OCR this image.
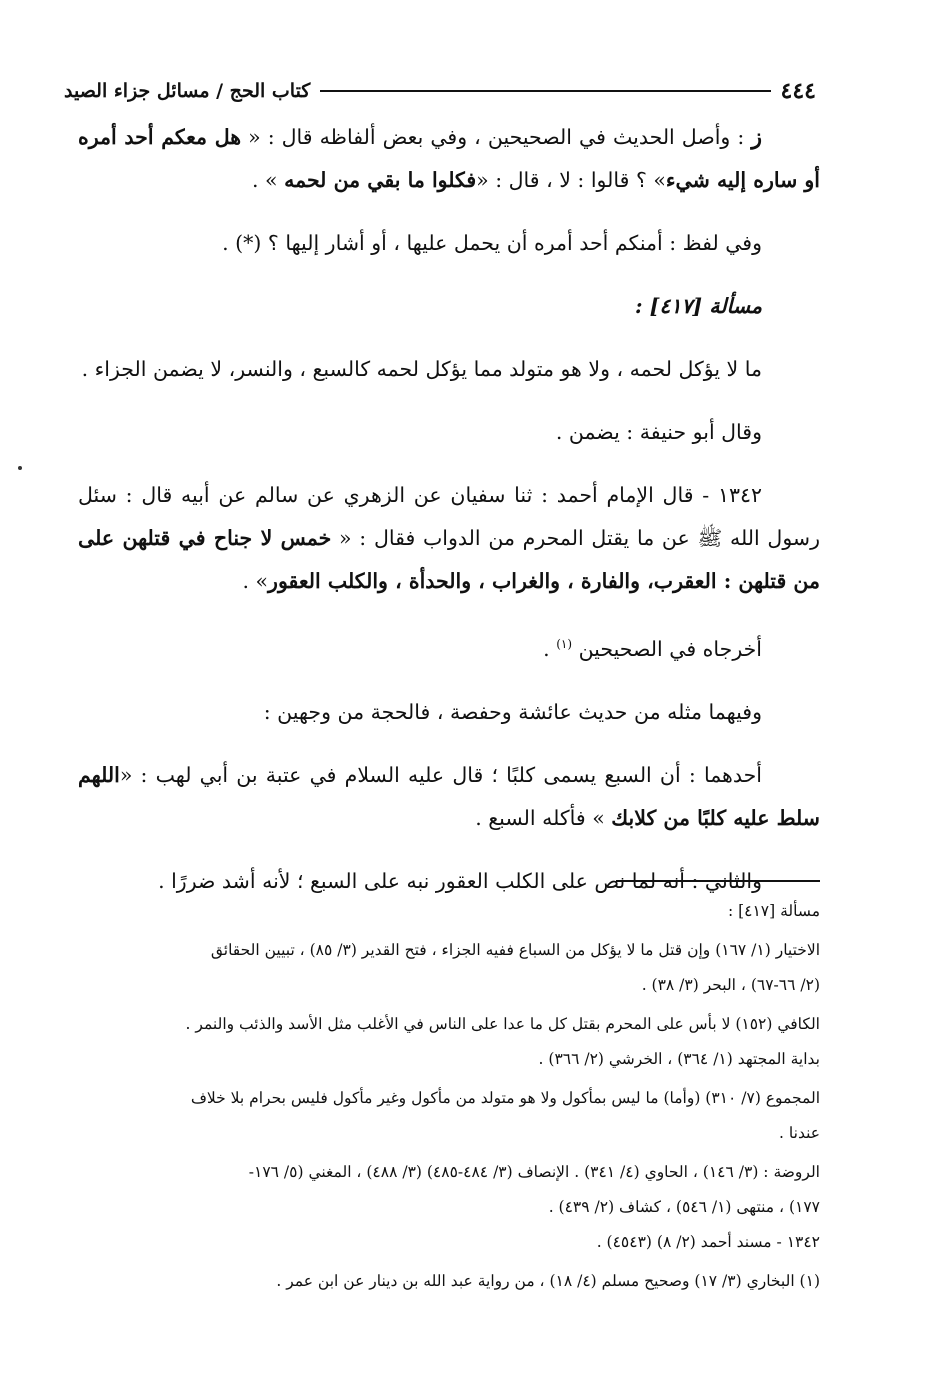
٤٤٤
كتاب الحج / مسائل جزاء الصيد

ز : وأصل الحديث في الصحيحين ، وفي بعض ألفاظه قال : « هل معكم أحد أمره أو ساره إليه شيء» ؟ قالوا : لا ، قال : «فكلوا ما بقي من لحمه » .

وفي لفظ : أمنكم أحد أمره أن يحمل عليها ، أو أشار إليها ؟ (*) .

مسألة [٤١٧] :

ما لا يؤكل لحمه ، ولا هو متولد مما يؤكل لحمه كالسبع ، والنسر، لا يضمن الجزاء .

وقال أبو حنيفة : يضمن .

١٣٤٢ - قال الإمام أحمد : ثنا سفيان عن الزهري عن سالم عن أبيه قال : سئل رسول الله ﷺ عن ما يقتل المحرم من الدواب فقال : « خمس لا جناح في قتلهن على من قتلهن : العقرب، والفارة ، والغراب ، والحدأة ، والكلب العقور» .

أخرجاه في الصحيحين $^{(١)}$ .

وفيهما مثله من حديث عائشة وحفصة ، فالحجة من وجهين :

أحدهما : أن السبع يسمى كلبًا ؛ قال عليه السلام في عتبة بن أبي لهب : «اللهم سلط عليه كلبًا من كلابك » فأكله السبع .

والثاني : أنه لما نص على الكلب العقور نبه على السبع ؛ لأنه أشد ضررًا .

مسألة [٤١٧] :

الاختيار (١/ ١٦٧) وإن قتل ما لا يؤكل من السباع ففيه الجزاء ، فتح القدير (٣/ ٨٥) ، تبيين الحقائق

(٢/ ٦٦-٦٧) ، البحر (٣/ ٣٨) .

الكافي (١٥٢) لا بأس على المحرم بقتل كل ما عدا على الناس في الأغلب مثل الأسد والذئب والنمر .

بداية المجتهد (١/ ٣٦٤) ، الخرشي (٢/ ٣٦٦) .

المجموع (٧/ ٣١٠) (وأما) ما ليس بمأكول ولا هو متولد من مأكول وغير مأكول فليس بحرام بلا خلاف

عندنا .

الروضة : (٣/ ١٤٦) ، الحاوي (٤/ ٣٤١) . الإنصاف (٣/ ٤٨٤-٤٨٥) (٣/ ٤٨٨) ، المغني (٥/ ١٧٦-

١٧٧) ، منتهى (١/ ٥٤٦) ، كشاف (٢/ ٤٣٩) .

١٣٤٢ - مسند أحمد (٢/ ٨) (٤٥٤٣) .

(١) البخاري (٣/ ١٧) وصحيح مسلم (٤/ ١٨) ، من رواية عبد الله بن دينار عن ابن عمر .
